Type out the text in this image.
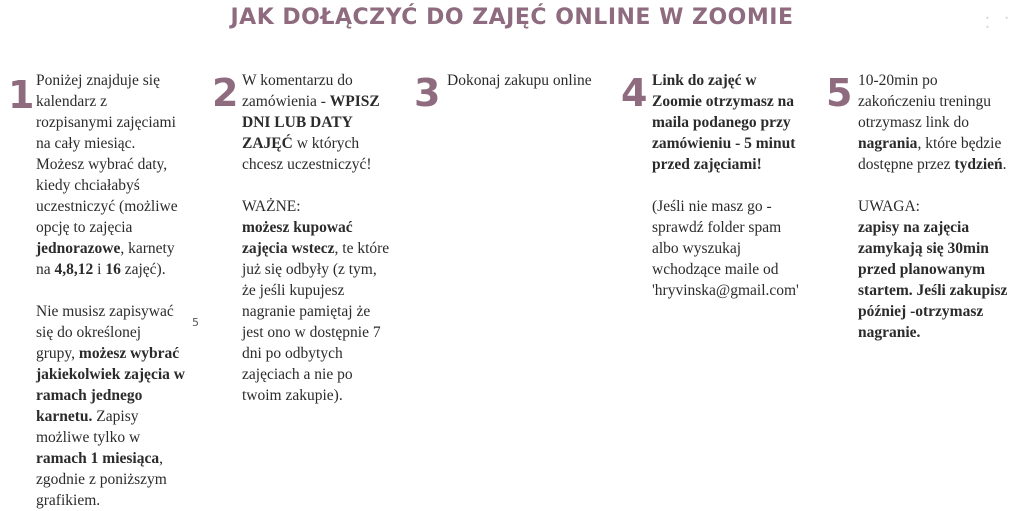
JAK DOŁĄCZYĆ DO ZAJĘĆ ONLINE W ZOOMIE	• • •
1 Poniżej znajduje się
kalendarz z
rozpisanymi zajęciami
na cały miesiąc.
Możesz wybrać daty,
kiedy chciałabyś
uczestniczyć (możliwe
opcję to zajęcia
jednorazowe, karnety
na 4,8,12 i 16 zajęć).

Nie musisz zapisywać
się do określonej
grupy, możesz wybrać
jakiekolwiek zajęcia w
ramach jednego
karnetu. Zapisy
możliwe tylko w
ramach 1 miesiąca,
zgodnie z poniższym
grafikiem.
2 W komentarzu do
zamówienia - WPISZ
DNI LUB DATY
ZAJĘĆ w których
chcesz uczestniczyć!

WAŻNE:
możesz kupować
zajęcia wstecz, te które
już się odbyły (z tym,
że jeśli kupujesz
nagranie pamiętaj że
jest ono w dostępnie 7
dni po odbytych
zajęciach a nie po
twoim zakupie).
3 Dokonaj zakupu online 4 Link do zajęć w
Zoomie otrzymasz na
maila podanego przy
zamówieniu - 5 minut
przed zajęciami!

(Jeśli nie masz go -
sprawdź folder spam
albo wyszukaj
wchodzące maile od
'hryvinska@gmail.com'
5 10-20min po
zakończeniu treningu
otrzymasz link do
nagrania, które będzie
dostępne przez tydzień.

UWAGA:
zapisy na zajęcia
zamykają się 30min
przed planowanym
startem. Jeśli zakupisz
później -otrzymasz
nagranie.
5
